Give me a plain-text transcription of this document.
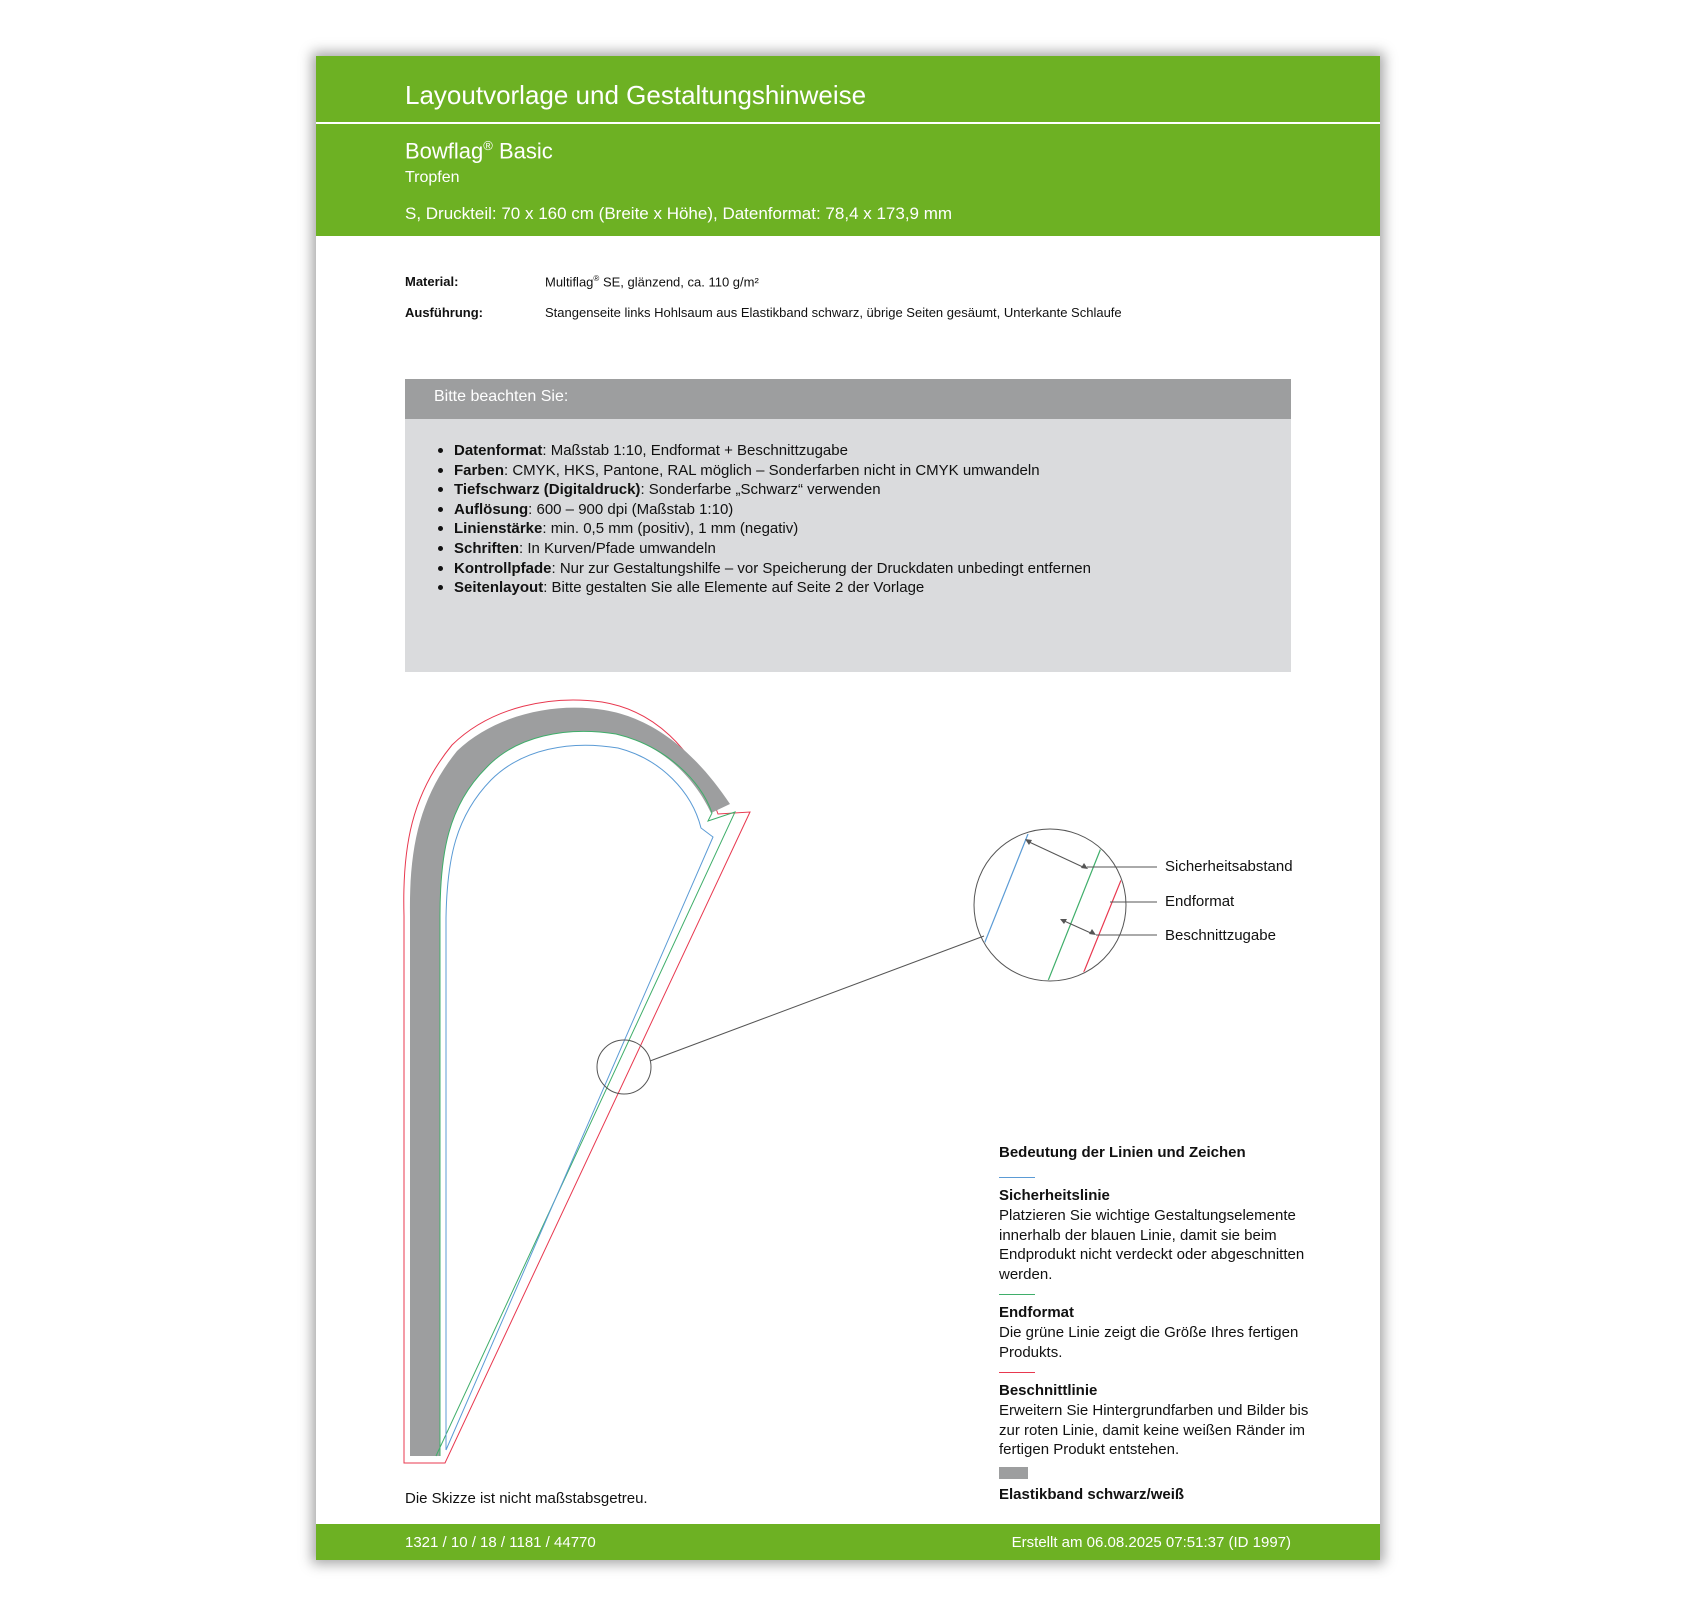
Layoutvorlage und Gestaltungshinweise
Bowflag® Basic
Tropfen
S, Druckteil: 70 x 160 cm (Breite x Höhe), Datenformat: 78,4 x 173,9 mm
Material:	Multiflag® SE, glänzend, ca. 110 g/m²
Ausführung:	Stangenseite links Hohlsaum aus Elastikband schwarz, übrige Seiten gesäumt, Unterkante Schlaufe
Bitte beachten Sie:
Datenformat: Maßstab 1:10, Endformat + Beschnittzugabe
Farben: CMYK, HKS, Pantone, RAL möglich – Sonderfarben nicht in CMYK umwandeln
Tiefschwarz (Digitaldruck): Sonderfarbe „Schwarz“ verwenden
Auflösung: 600 – 900 dpi (Maßstab 1:10)
Linienstärke: min. 0,5 mm (positiv), 1 mm (negativ)
Schriften: In Kurven/Pfade umwandeln
Kontrollpfade: Nur zur Gestaltungshilfe – vor Speicherung der Druckdaten unbedingt entfernen
Seitenlayout: Bitte gestalten Sie alle Elemente auf Seite 2 der Vorlage
Sicherheitsabstand
Endformat
Beschnittzugabe
Bedeutung der Linien und Zeichen
Sicherheitslinie
Platzieren Sie wichtige Gestaltungselemente innerhalb der blauen Linie, damit sie beim Endprodukt nicht verdeckt oder abgeschnitten werden.
Endformat
Die grüne Linie zeigt die Größe Ihres fertigen Produkts.
Beschnittlinie
Erweitern Sie Hintergrundfarben und Bilder bis zur roten Linie, damit keine weißen Ränder im fertigen Produkt entstehen.
Elastikband schwarz/weiß
Die Skizze ist nicht maßstabsgetreu.
1321 / 10 / 18 / 1181 / 44770	Erstellt am 06.08.2025 07:51:37 (ID 1997)
